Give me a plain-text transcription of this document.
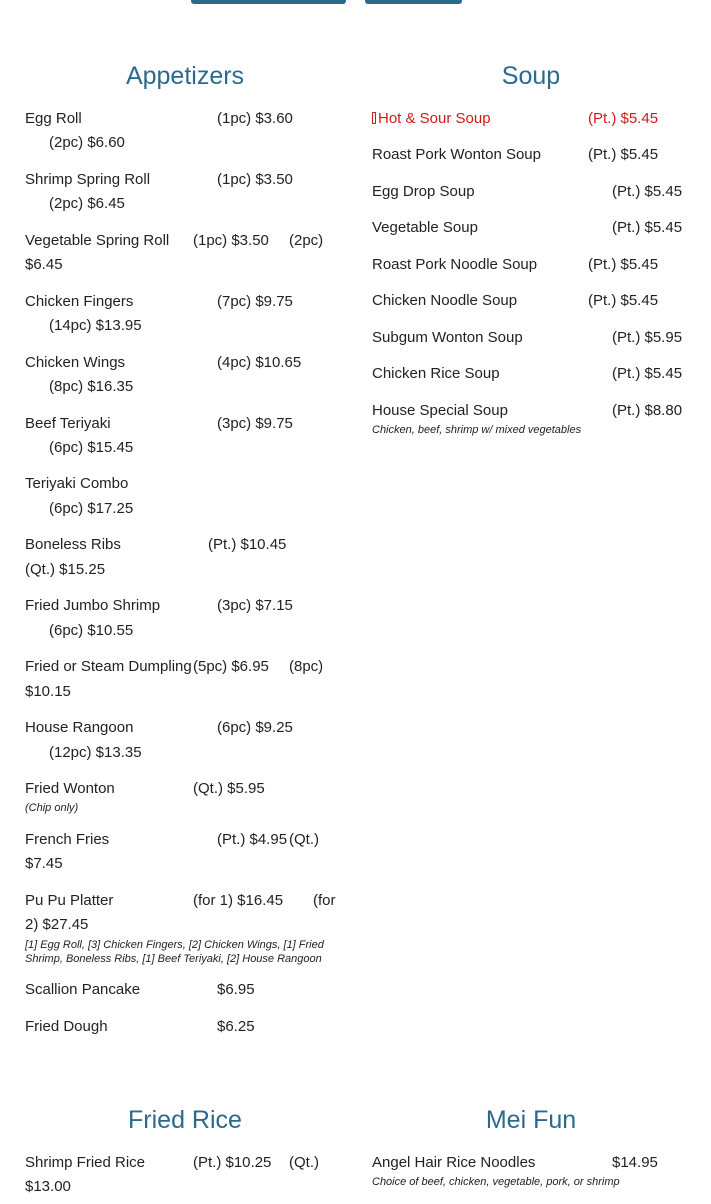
Appetizers
Egg Roll	(1pc) $3.60
(2pc) $6.60
Shrimp Spring Roll	(1pc) $3.50
(2pc) $6.45
Vegetable Spring Roll (1pc) $3.50 (2pc)
$6.45
Chicken Fingers	(7pc) $9.75
(14pc) $13.95
Chicken Wings	(4pc) $10.65
(8pc) $16.35
Beef Teriyaki	(3pc) $9.75
(6pc) $15.45
Teriyaki Combo
(6pc) $17.25
Boneless Ribs	(Pt.) $10.45
(Qt.) $15.25
Fried Jumbo Shrimp	(3pc) $7.15
(6pc) $10.55
Fried or Steam Dumpling (5pc) $6.95 (8pc)
$10.15
House Rangoon	(6pc) $9.25
(12pc) $13.35
Fried Wonton	(Qt.) $5.95
(Chip only)
French Fries	(Pt.) $4.95 (Qt.)
$7.45
Pu Pu Platter	(for 1) $16.45 (for
2) $27.45
[1] Egg Roll, [3] Chicken Fingers, [2] Chicken Wings, [1] Fried
Shrimp, Boneless Ribs, [1] Beef Teriyaki, [2] House Rangoon
Scallion Pancake	$6.95
Fried Dough	$6.25
Soup
Hot & Sour Soup	(Pt.) $5.45
Roast Pork Wonton Soup	(Pt.) $5.45
Egg Drop Soup	(Pt.) $5.45
Vegetable Soup	(Pt.) $5.45
Roast Pork Noodle Soup	(Pt.) $5.45
Chicken Noodle Soup	(Pt.) $5.45
Subgum Wonton Soup	(Pt.) $5.95
Chicken Rice Soup	(Pt.) $5.45
House Special Soup	(Pt.) $8.80
Chicken, beef, shrimp w/ mixed vegetables
Fried Rice
Shrimp Fried Rice	(Pt.) $10.25 (Qt.)
$13.00
Mei Fun
Angel Hair Rice Noodles	$14.95
Choice of beef, chicken, vegetable, pork, or shrimp
